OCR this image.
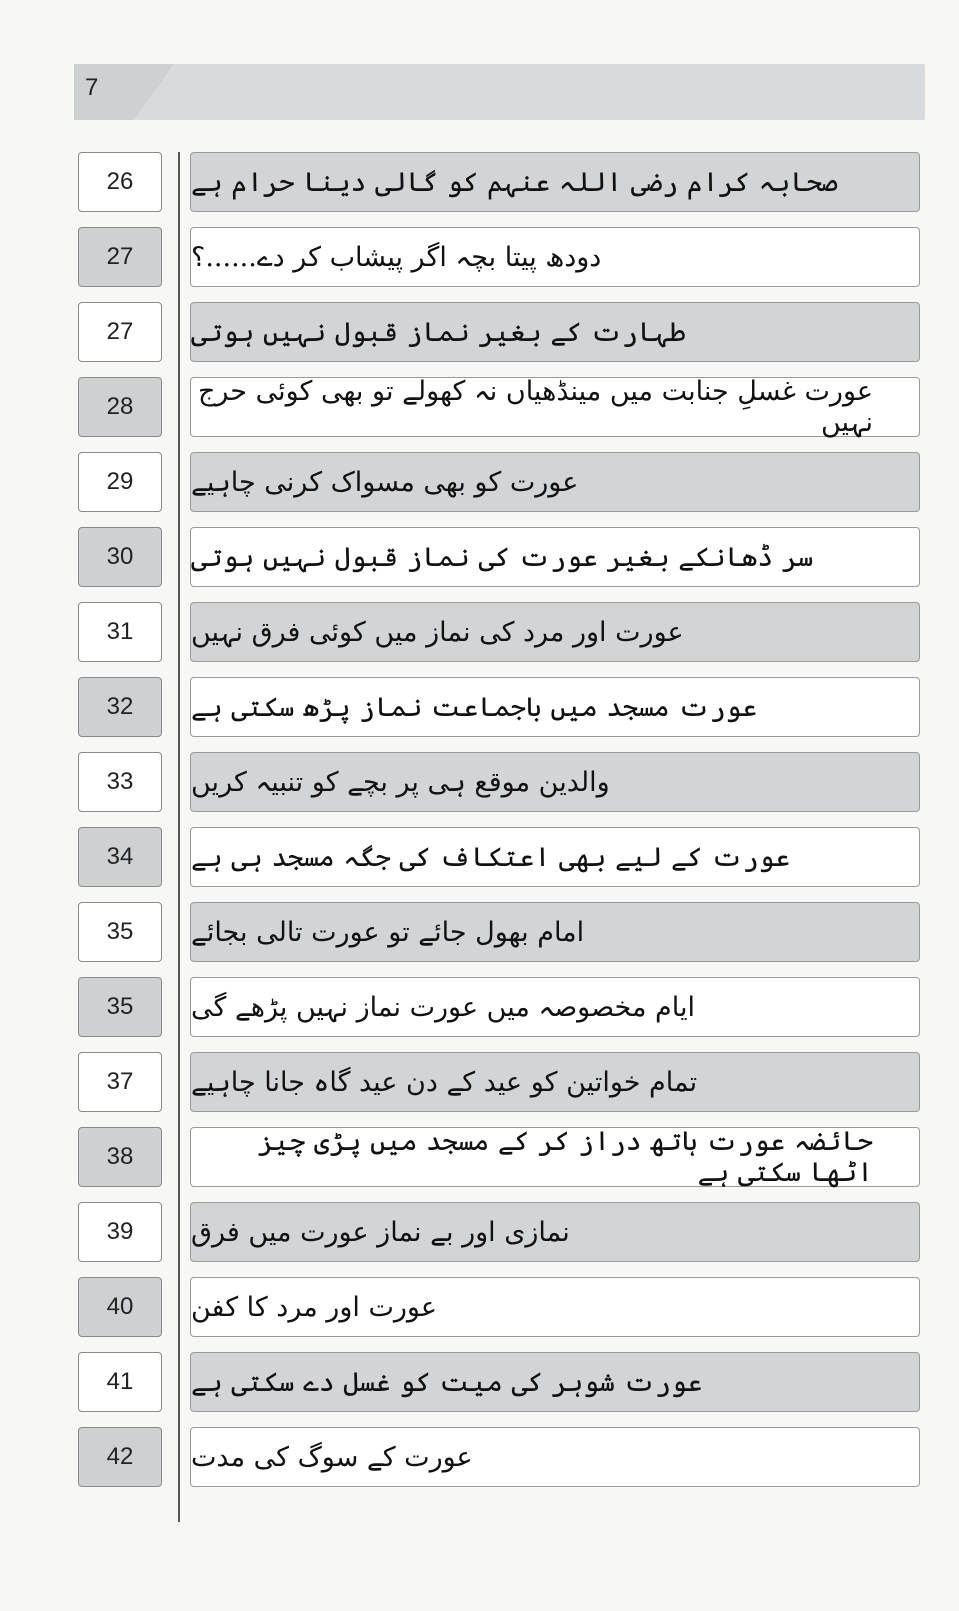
7
26	صحابہ کرام رضی اللہ عنہم کو گالی دینا حرام ہے
27	دودھ پیتا بچہ اگر پیشاب کر دے......؟
27	طہارت کے بغیر نماز قبول نہیں ہوتی
28	عورت غسلِ جنابت میں مینڈھیاں نہ کھولے تو بھی کوئی حرج نہیں
29	عورت کو بھی مسواک کرنی چاہیے
30	سر ڈھانکے بغیر عورت کی نماز قبول نہیں ہوتی
31	عورت اور مرد کی نماز میں کوئی فرق نہیں
32	عورت مسجد میں باجماعت نماز پڑھ سکتی ہے
33	والدین موقع ہی پر بچے کو تنبیہ کریں
34	عورت کے لیے بھی اعتکاف کی جگہ مسجد ہی ہے
35	امام بھول جائے تو عورت تالی بجائے
35	ایام مخصوصہ میں عورت نماز نہیں پڑھے گی
37	تمام خواتین کو عید کے دن عید گاہ جانا چاہیے
38	حائضہ عورت ہاتھ دراز کر کے مسجد میں پڑی چیز اٹھا سکتی ہے
39	نمازی اور بے نماز عورت میں فرق
40	عورت اور مرد کا کفن
41	عورت شوہر کی میت کو غسل دے سکتی ہے
42	عورت کے سوگ کی مدت
